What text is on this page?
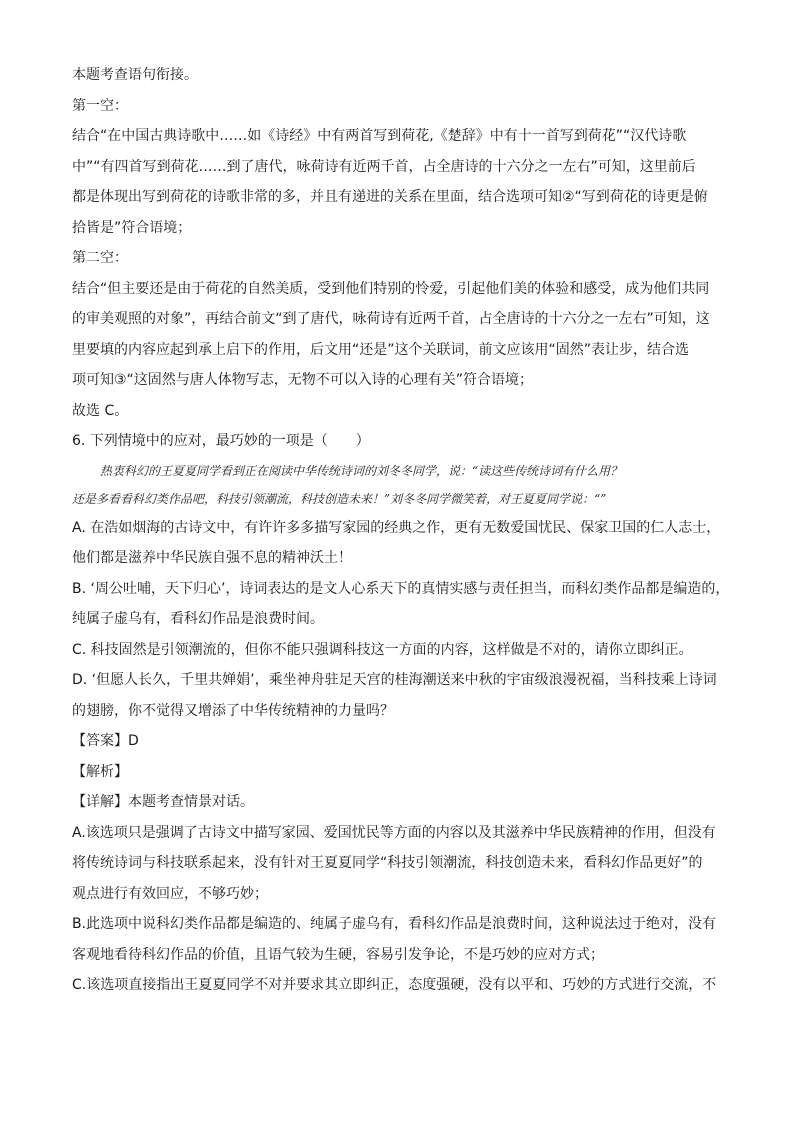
本题考查语句衔接。
第一空：
结合“在中国古典诗歌中……如《诗经》中有两首写到荷花,《楚辞》中有十一首写到荷花”“汉代诗歌
中”“有四首写到荷花……到了唐代，咏荷诗有近两千首，占全唐诗的十六分之一左右”可知，这里前后
都是体现出写到荷花的诗歌非常的多，并且有递进的关系在里面，结合选项可知②“写到荷花的诗更是俯
拾皆是”符合语境；
第二空：
结合“但主要还是由于荷花的自然美质，受到他们特别的怜爱，引起他们美的体验和感受，成为他们共同
的审美观照的对象”，再结合前文“到了唐代，咏荷诗有近两千首，占全唐诗的十六分之一左右”可知，这
里要填的内容应起到承上启下的作用，后文用“还是”这个关联词，前文应该用“固然”表让步，结合选
项可知③“这固然与唐人体物写志，无物不可以入诗的心理有关”符合语境；
故选 C。
6. 下列情境中的应对，最巧妙的一项是（　　）
热衷科幻的王夏夏同学看到正在阅读中华传统诗词的刘冬冬同学，说：“读这些传统诗词有什么用？
还是多看看科幻类作品吧，科技引领潮流，科技创造未来！”刘冬冬同学微笑着，对王夏夏同学说：“”
A. 在浩如烟海的古诗文中，有许许多多描写家园的经典之作，更有无数爱国忧民、保家卫国的仁人志士，
他们都是滋养中华民族自强不息的精神沃土！
B. ‘周公吐哺，天下归心’，诗词表达的是文人心系天下的真情实感与责任担当，而科幻类作品都是编造的，
纯属子虚乌有，看科幻作品是浪费时间。
C. 科技固然是引领潮流的，但你不能只强调科技这一方面的内容，这样做是不对的，请你立即纠正。
D. ‘但愿人长久，千里共婵娟’，乘坐神舟驻足天宫的桂海潮送来中秋的宇宙级浪漫祝福，当科技乘上诗词
的翅膀，你不觉得又增添了中华传统精神的力量吗？
【答案】D
【解析】
【详解】本题考查情景对话。
A.该选项只是强调了古诗文中描写家园、爱国忧民等方面的内容以及其滋养中华民族精神的作用，但没有
将传统诗词与科技联系起来，没有针对王夏夏同学“科技引领潮流，科技创造未来，看科幻作品更好”的
观点进行有效回应，不够巧妙；
B.此选项中说科幻类作品都是编造的、纯属子虚乌有，看科幻作品是浪费时间，这种说法过于绝对，没有
客观地看待科幻作品的价值，且语气较为生硬，容易引发争论，不是巧妙的应对方式；
C.该选项直接指出王夏夏同学不对并要求其立即纠正，态度强硬，没有以平和、巧妙的方式进行交流，不
